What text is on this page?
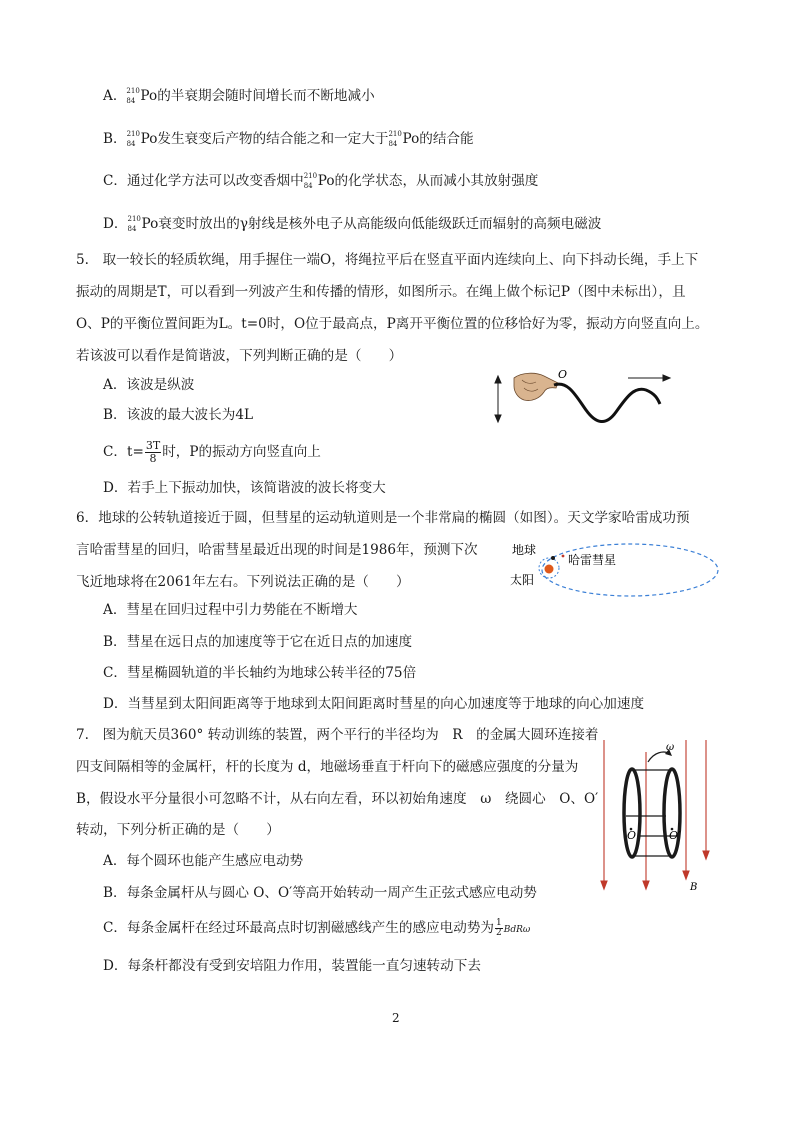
A． 210
84 Po的半衰期会随时间增长而不断地减小
B． 210
84 Po发生衰变后产物的结合能之和一定大于 210
84 Po的结合能
C．通过化学方法可以改变香烟中 210
84 Po的化学状态，从而减小其放射强度
D． 210
84 Po衰变时放出的γ射线是核外电子从高能级向低能级跃迁而辐射的高频电磁波
5.　取一较长的轻质软绳，用手握住一端O，将绳拉平后在竖直平面内连续向上、向下抖动长绳，手上下
振动的周期是T，可以看到一列波产生和传播的情形，如图所示。在绳上做个标记P（图中未标出），且
O、P的平衡位置间距为L。t=0时，O位于最高点，P离开平衡位置的位移恰好为零，振动方向竖直向上。
若该波可以看作是简谐波，下列判断正确的是（　　）
A．该波是纵波
B．该波的最大波长为4L
C．$t= \frac{3T}{8}$ 时，P的振动方向竖直向上
D．若手上下振动加快，该简谐波的波长将变大
O
6．地球的公转轨道接近于圆，但彗星的运动轨道则是一个非常扁的椭圆（如图）。天文学家哈雷成功预
言哈雷彗星的回归，哈雷彗星最近出现的时间是1986年，预测下次
飞近地球将在2061年左右。下列说法正确的是（　　）
A．彗星在回归过程中引力势能在不断增大
B．彗星在远日点的加速度等于它在近日点的加速度
C．彗星椭圆轨道的半长轴约为地球公转半径的75倍
D．当彗星到太阳间距离等于地球到太阳间距离时彗星的向心加速度等于地球的向心加速度
地球
哈雷彗星
太阳
7.　图为航天员360° 转动训练的装置，两个平行的半径均为　R　的金属大圆环连接着
四支间隔相等的金属杆，杆的长度为 d，地磁场垂直于杆向下的磁感应强度的分量为
B，假设水平分量很小可忽略不计，从右向左看，环以初始角速度　ω　绕圆心　O、O′
转动，下列分析正确的是（　　）
A．每个圆环也能产生感应电动势
B．每条金属杆从与圆心 O、O′等高开始转动一周产生正弦式感应电动势
C．每条金属杆在经过环最高点时切割磁感线产生的感应电动势为 $\frac{1}{2}$ BdRω
D．每条杆都没有受到安培阻力作用，装置能一直匀速转动下去
ω
O	O′
B
2
